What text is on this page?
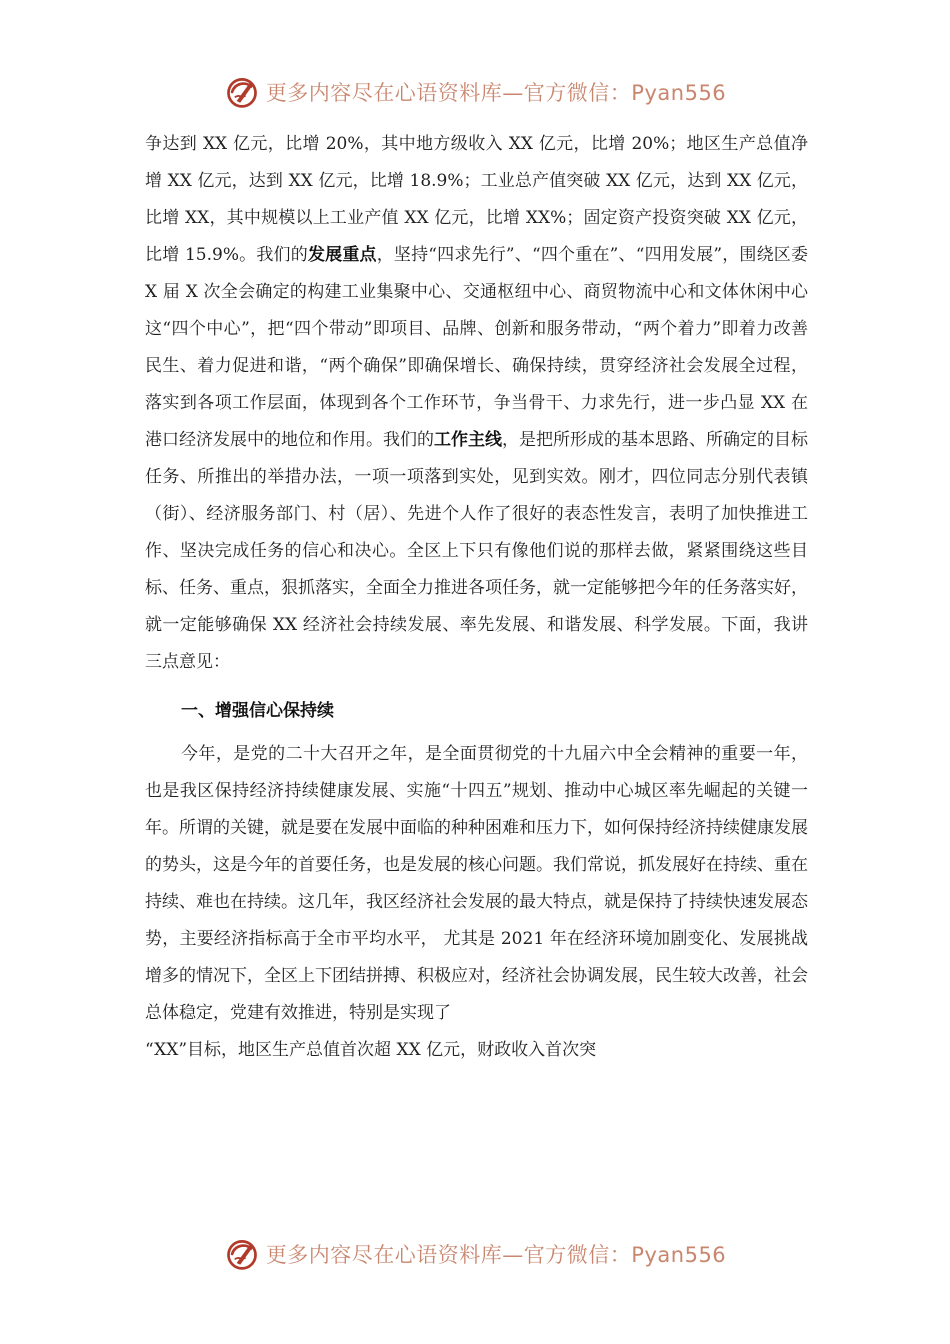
更多内容尽在心语资料库—官方微信：Pyan556

争达到 XX 亿元，比增 20%，其中地方级收入 XX 亿元，比增 20%；地区生产总值净增 XX 亿元，达到 XX 亿元，比增 18.9%；工业总产值突破 XX 亿元，达到 XX 亿元，比增 XX，其中规模以上工业产值 XX 亿元，比增 XX%；固定资产投资突破 XX 亿元，比增 15.9%。我们的发展重点，坚持“四求先行”、“四个重在”、“四用发展”，围绕区委 X 届 X 次全会确定的构建工业集聚中心、交通枢纽中心、商贸物流中心和文体休闲中心这“四个中心”，把“四个带动”即项目、品牌、创新和服务带动，“两个着力”即着力改善民生、着力促进和谐，“两个确保”即确保增长、确保持续，贯穿经济社会发展全过程，落实到各项工作层面，体现到各个工作环节，争当骨干、力求先行，进一步凸显 XX 在港口经济发展中的地位和作用。我们的工作主线，是把所形成的基本思路、所确定的目标任务、所推出的举措办法，一项一项落到实处，见到实效。刚才，四位同志分别代表镇（街）、经济服务部门、村（居）、先进个人作了很好的表态性发言，表明了加快推进工作、坚决完成任务的信心和决心。全区上下只有像他们说的那样去做，紧紧围绕这些目标、任务、重点，狠抓落实，全面全力推进各项任务，就一定能够把今年的任务落实好，就一定能够确保 XX 经济社会持续发展、率先发展、和谐发展、科学发展。下面，我讲三点意见：

一、增强信心保持续

今年，是党的二十大召开之年，是全面贯彻党的十九届六中全会精神的重要一年，也是我区保持经济持续健康发展、实施“十四五”规划、推动中心城区率先崛起的关键一年。所谓的关键，就是要在发展中面临的种种困难和压力下，如何保持经济持续健康发展的势头，这是今年的首要任务，也是发展的核心问题。我们常说，抓发展好在持续、重在持续、难也在持续。这几年，我区经济社会发展的最大特点，就是保持了持续快速发展态势，主要经济指标高于全市平均水平， 尤其是 2021 年在经济环境加剧变化、发展挑战增多的情况下，全区上下团结拼搏、积极应对，经济社会协调发展，民生较大改善，社会总体稳定，党建有效推进，特别是实现了

“XX”目标，地区生产总值首次超 XX 亿元，财政收入首次突

更多内容尽在心语资料库—官方微信：Pyan556
